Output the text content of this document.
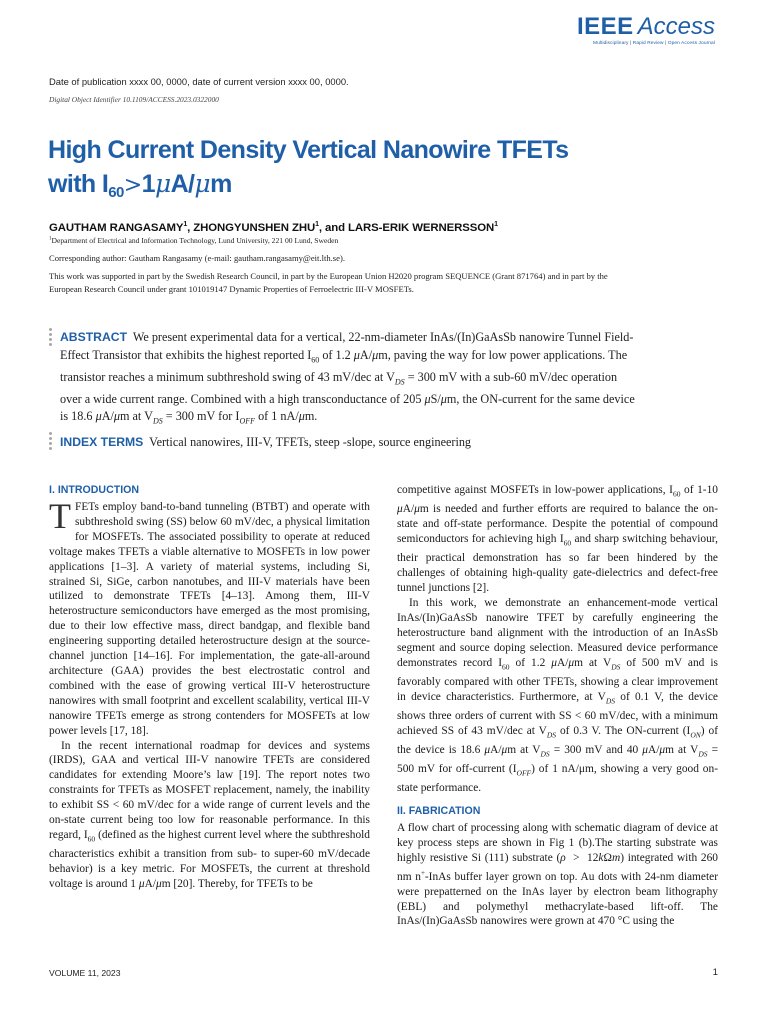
IEEE Access
Multidisciplinary | Rapid Review | Open Access Journal
Date of publication xxxx 00, 0000, date of current version xxxx 00, 0000.
Digital Object Identifier 10.1109/ACCESS.2023.0322000
High Current Density Vertical Nanowire TFETs
with $I_{60}>1\mu A/\mu m$
GAUTHAM RANGASAMY$^1$, ZHONGYUNSHEN ZHU$^1$, and LARS-ERIK WERNERSSON$^1$
$^1$Department of Electrical and Information Technology, Lund University, 221 00 Lund, Sweden
Corresponding author: Gautham Rangasamy (e-mail: gautham.rangasamy@eit.lth.se).
This work was supported in part by the Swedish Research Council, in part by the European Union H2020 program SEQUENCE (Grant 871764) and in part by the European Research Council under grant 101019147 Dynamic Properties of Ferroelectric III-V MOSFETs.
ABSTRACT We present experimental data for a vertical, 22-nm-diameter InAs/(In)GaAsSb nanowire Tunnel Field-Effect Transistor that exhibits the highest reported $I_{60}$ of 1.2 μA/μm, paving the way for low power applications. The transistor reaches a minimum subthreshold swing of 43 mV/dec at $V_{DS} = 300$ mV with a sub-60 mV/dec operation over a wide current range. Combined with a high transconductance of 205 μS/μm, the ON-current for the same device is 18.6 μA/μm at $V_{DS} = 300$ mV for $I_{OFF}$ of 1 nA/μm.
INDEX TERMS Vertical nanowires, III-V, TFETs, steep -slope, source engineering
I. INTRODUCTION

T FETs employ band-to-band tunneling (BTBT) and operate with subthreshold swing (SS) below 60 mV/dec, a physical limitation for MOSFETs. The associated possibility to operate at reduced voltage makes TFETs a viable alternative to MOSFETs in low power applications [1–3]. A variety of material systems, including Si, strained Si, SiGe, carbon nanotubes, and III-V materials have been utilized to demonstrate TFETs [4–13]. Among them, III-V heterostructure semiconductors have emerged as the most promising, due to their low effective mass, direct bandgap, and flexible band engineering supporting detailed heterostructure design at the source-channel junction [14–16]. For implementation, the gate-all-around architecture (GAA) provides the best electrostatic control and combined with the ease of growing vertical III-V heterostructure nanowires with small footprint and excellent scalability, vertical III-V nanowire TFETs emerge as strong contenders for MOSFETs at low power levels [17, 18].

In the recent international roadmap for devices and systems (IRDS), GAA and vertical III-V nanowire TFETs are considered candidates for extending Moore’s law [19]. The report notes two constraints for TFETs as MOSFET replacement, namely, the inability to exhibit SS < 60 mV/dec for a wide range of current levels and the on-state current being too low for reasonable performance. In this regard, $I_{60}$ (defined as the highest current level where the subthreshold characteristics exhibit a transition from sub- to super-60 mV/decade behavior) is a key metric. For MOSFETs, the current at threshold voltage is around 1 μA/μm [20]. Thereby, for TFETs to be

competitive against MOSFETs in low-power applications, $I_{60}$ of 1-10 μA/μm is needed and further efforts are required to balance the on-state and off-state performance. Despite the potential of compound semiconductors for achieving high $I_{60}$ and sharp switching behaviour, their practical demonstration has so far been hindered by the challenges of obtaining high-quality gate-dielectrics and defect-free tunnel junctions [2].

In this work, we demonstrate an enhancement-mode vertical InAs/(In)GaAsSb nanowire TFET by carefully engineering the heterostructure band alignment with the introduction of an InAsSb segment and source doping selection. Measured device performance demonstrates record $I_{60}$ of 1.2 μA/μm at $V_{DS}$ of 500 mV and is favorably compared with other TFETs, showing a clear improvement in device characteristics. Furthermore, at $V_{DS}$ of 0.1 V, the device shows three orders of current with SS < 60 mV/dec, with a minimum achieved SS of 43 mV/dec at $V_{DS}$ of 0.3 V. The ON-current $(I_{ON})$ of the device is 18.6 μA/μm at $V_{DS} = 300$ mV and 40 μA/μm at $V_{DS} = 500$ mV for off-current $(I_{OFF})$ of 1 nA/μm, showing a very good on-state performance.

II. FABRICATION

A flow chart of processing along with schematic diagram of device at key process steps are shown in Fig 1 (b).The starting substrate was highly resistive Si (111) substrate (ρ  >  12kΩm) integrated with 260 nm n+-InAs buffer layer grown on top. Au dots with 24-nm diameter were prepatterned on the InAs layer by electron beam lithography (EBL) and polymethyl methacrylate-based lift-off. The InAs/(In)GaAsSb nanowires were grown at 470 °C using the

VOLUME 11, 2023	1
